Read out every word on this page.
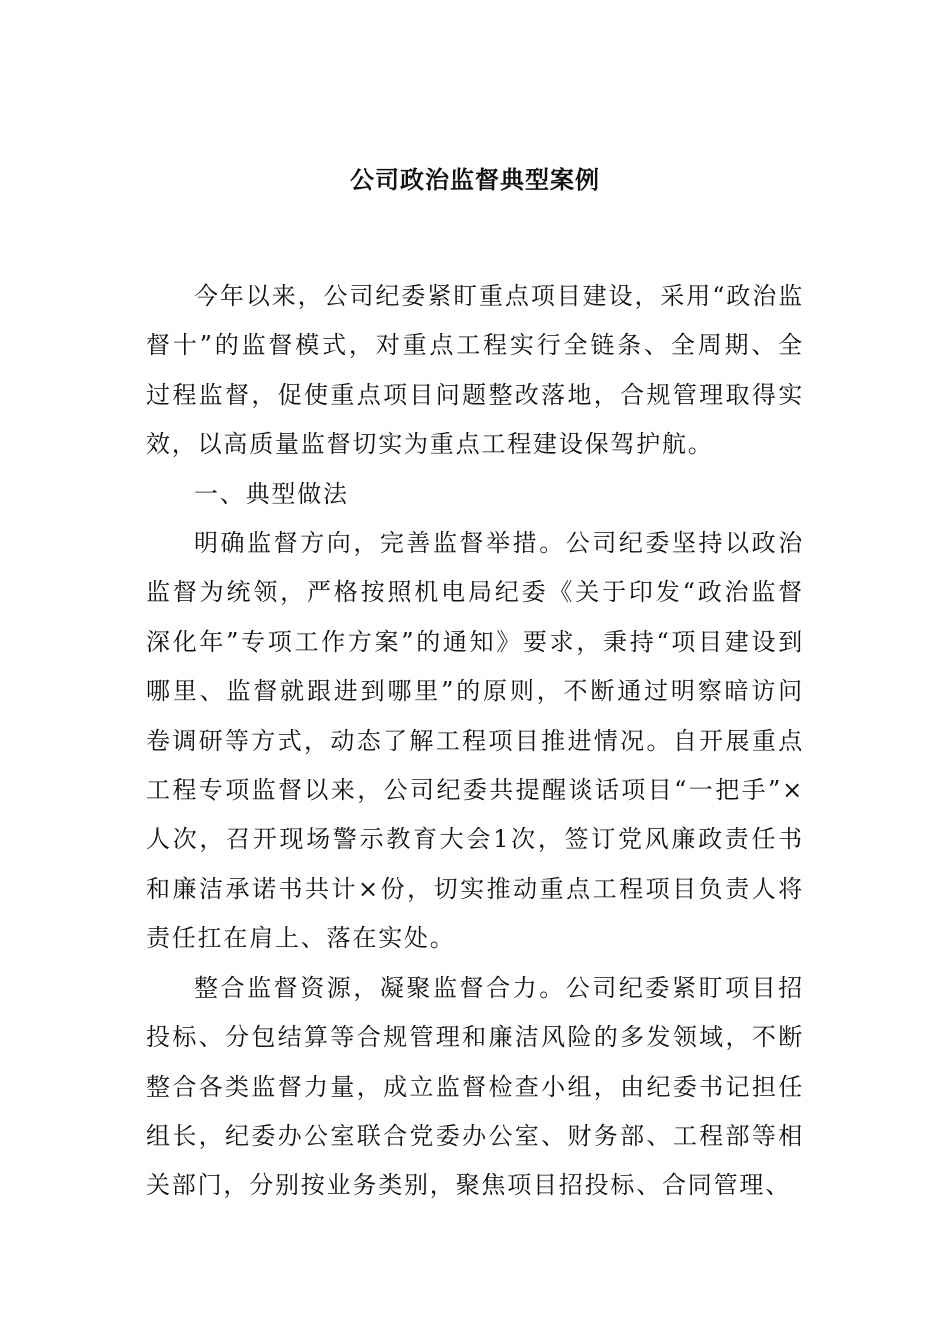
公司政治监督典型案例

今年以来，公司纪委紧盯重点项目建设，采用“政治监督十”的监督模式，对重点工程实行全链条、全周期、全过程监督，促使重点项目问题整改落地，合规管理取得实效，以高质量监督切实为重点工程建设保驾护航。

一、典型做法

明确监督方向，完善监督举措。公司纪委坚持以政治监督为统领，严格按照机电局纪委《关于印发“政治监督深化年”专项工作方案”的通知》要求，秉持“项目建设到哪里、监督就跟进到哪里”的原则，不断通过明察暗访问卷调研等方式，动态了解工程项目推进情况。自开展重点工程专项监督以来，公司纪委共提醒谈话项目“一把手”×人次，召开现场警示教育大会1次，签订党风廉政责任书和廉洁承诺书共计×份，切实推动重点工程项目负责人将责任扛在肩上、落在实处。

整合监督资源，凝聚监督合力。公司纪委紧盯项目招投标、分包结算等合规管理和廉洁风险的多发领域，不断整合各类监督力量，成立监督检查小组，由纪委书记担任组长，纪委办公室联合党委办公室、财务部、工程部等相关部门，分别按业务类别，聚焦项目招投标、合同管理、
